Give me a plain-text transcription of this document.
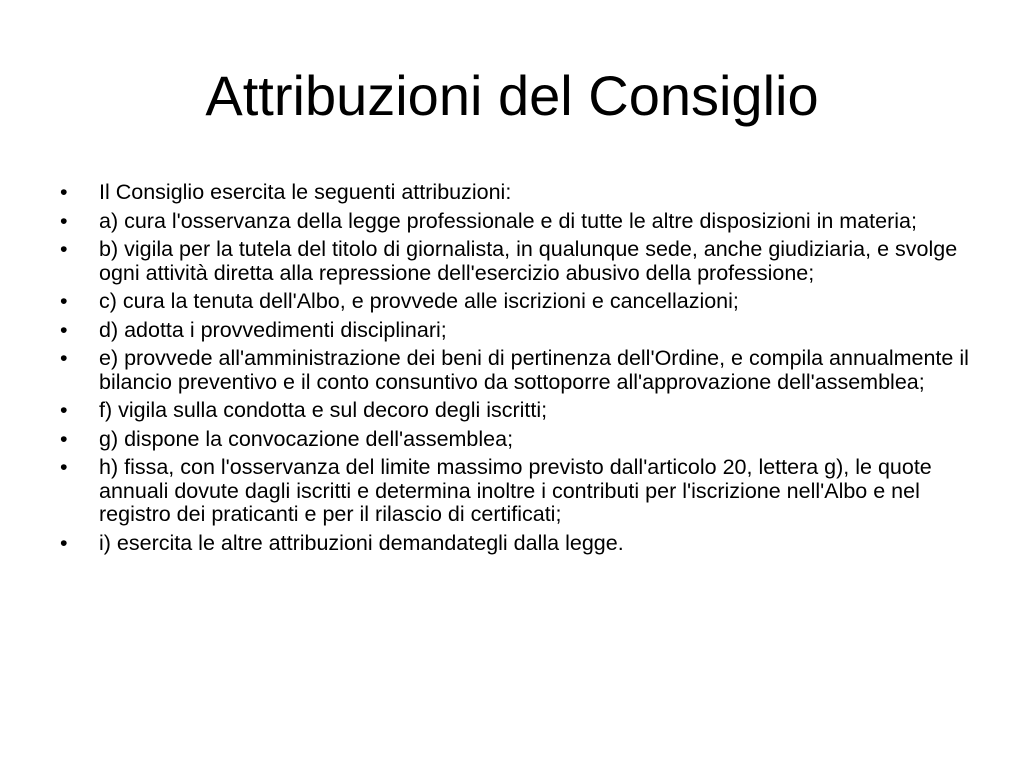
Attribuzioni del Consiglio
•	Il Consiglio esercita le seguenti attribuzioni:
•	a) cura l'osservanza della legge professionale e di tutte le altre disposizioni in materia;
•	b) vigila per la tutela del titolo di giornalista, in qualunque sede, anche giudiziaria, e svolge ogni attività diretta alla repressione dell'esercizio abusivo della professione;
•	c) cura la tenuta dell'Albo, e provvede alle iscrizioni e cancellazioni;
•	d) adotta i provvedimenti disciplinari;
•	e) provvede all'amministrazione dei beni di pertinenza dell'Ordine, e compila annualmente il bilancio preventivo e il conto consuntivo da sottoporre all'approvazione dell'assemblea;
•	f) vigila sulla condotta e sul decoro degli iscritti;
•	g) dispone la convocazione dell'assemblea;
•	h) fissa, con l'osservanza del limite massimo previsto dall'articolo 20, lettera g), le quote annuali dovute dagli iscritti e determina inoltre i contributi per l'iscrizione nell'Albo e nel registro dei praticanti e per il rilascio di certificati;
•	i) esercita le altre attribuzioni demandategli dalla legge.
